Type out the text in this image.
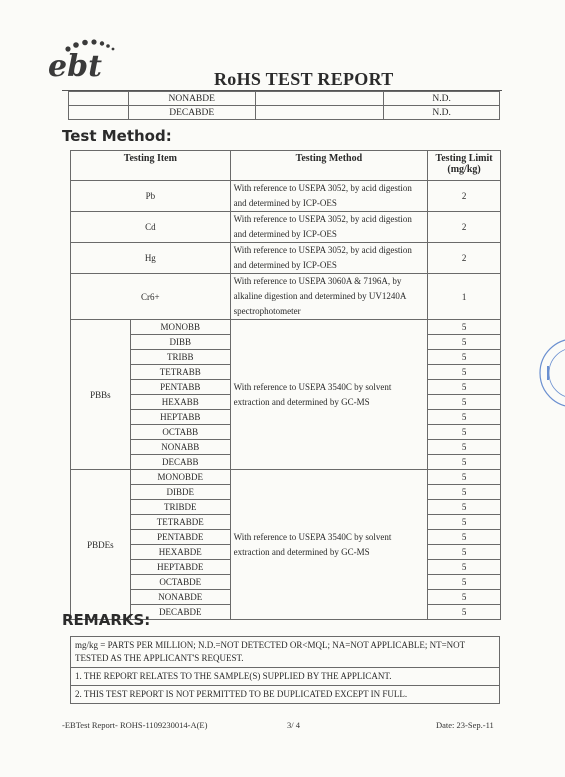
ebt	RoHS TEST REPORT
	NONABDE		N.D.
	DECABDE		N.D.
Test Method:
Testing Item		Testing Method	Testing Limit (mg/kg)
Pb		With reference to USEPA 3052, by acid digestion and determined by ICP-OES	2
Cd		With reference to USEPA 3052, by acid digestion and determined by ICP-OES	2
Hg		With reference to USEPA 3052, by acid digestion and determined by ICP-OES	2
Cr6+		With reference to USEPA 3060A & 7196A, by alkaline digestion and determined by UV1240A spectrophotometer	1
PBBs	MONOBB	With reference to USEPA 3540C by solvent extraction and determined by GC-MS	5
	DIBB		5
	TRIBB		5
	TETRABB		5
	PENTABB		5
	HEXABB		5
	HEPTABB		5
	OCTABB		5
	NONABB		5
	DECABB		5
PBDEs	MONOBDE	With reference to USEPA 3540C by solvent extraction and determined by GC-MS	5
	DIBDE		5
	TRIBDE		5
	TETRABDE		5
	PENTABDE		5
	HEXABDE		5
	HEPTABDE		5
	OCTABDE		5
	NONABDE		5
	DECABDE		5
REMARKS:
mg/kg = PARTS PER MILLION; N.D.=NOT DETECTED OR<MQL; NA=NOT APPLICABLE; NT=NOT TESTED AS THE APPLICANT'S REQUEST.
1. THE REPORT RELATES TO THE SAMPLE(S) SUPPLIED BY THE APPLICANT.
2. THIS TEST REPORT IS NOT PERMITTED TO BE DUPLICATED EXCEPT IN FULL.
-EBTest Report- ROHS-1109230014-A(E)	3/ 4	Date: 23-Sep.-11
